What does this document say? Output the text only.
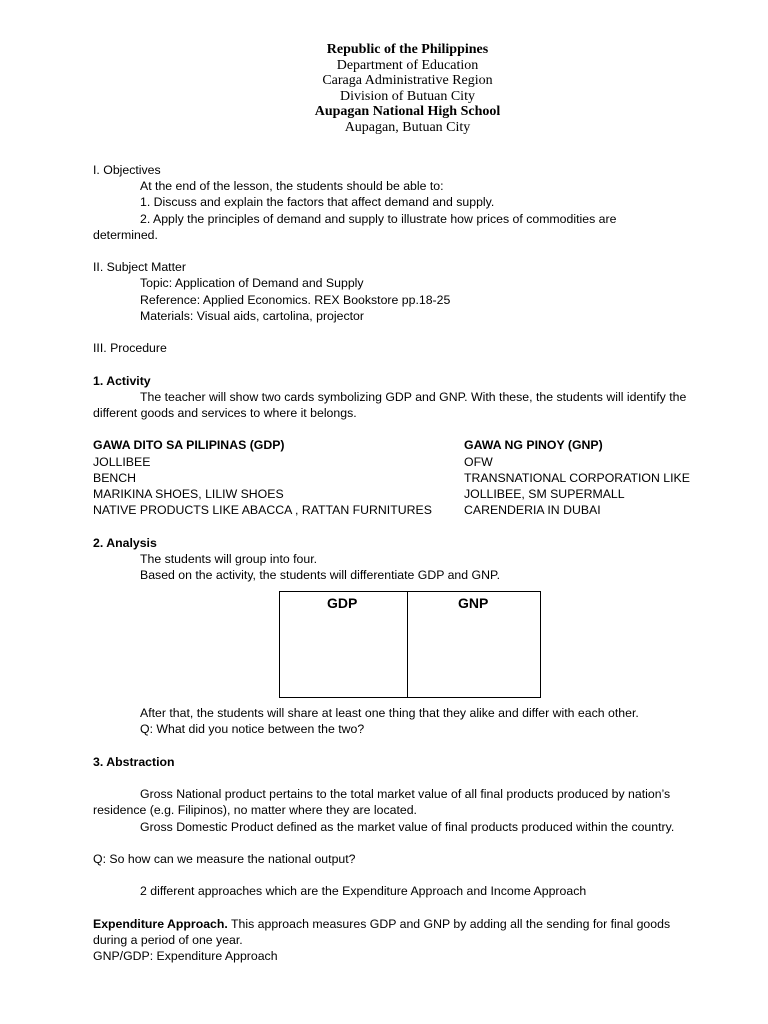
Republic of the Philippines
Department of Education
Caraga Administrative Region
Division of Butuan City
Aupagan National High School
Aupagan, Butuan City

I. Objectives

At the end of the lesson, the students should be able to:

1. Discuss and explain the factors that affect demand and supply.

2. Apply the principles of demand and supply to illustrate how prices of commodities are

determined.

II. Subject Matter

Topic: Application of Demand and Supply

Reference: Applied Economics. REX Bookstore pp.18-25

Materials: Visual aids, cartolina, projector

III. Procedure

1. Activity

The teacher will show two cards symbolizing GDP and GNP. With these, the students will identify the

different goods and services to where it belongs.

GAWA DITO SA PILIPINAS (GDP)

JOLLIBEE

BENCH

MARIKINA SHOES, LILIW SHOES

NATIVE PRODUCTS LIKE ABACCA , RATTAN FURNITURES

GAWA NG PINOY (GNP)

OFW

TRANSNATIONAL CORPORATION LIKE

JOLLIBEE, SM SUPERMALL

CARENDERIA IN DUBAI

2. Analysis

The students will group into four.

Based on the activity, the students will differentiate GDP and GNP.

GDP	GNP

After that, the students will share at least one thing that they alike and differ with each other.

Q: What did you notice between the two?

3. Abstraction

Gross National product pertains to the total market value of all final products produced by nation’s

residence (e.g. Filipinos), no matter where they are located.

Gross Domestic Product defined as the market value of final products produced within the country.

Q: So how can we measure the national output?

2 different approaches which are the Expenditure Approach and Income Approach

Expenditure Approach. This approach measures GDP and GNP by adding all the sending for final goods

during a period of one year.

GNP/GDP: Expenditure Approach
